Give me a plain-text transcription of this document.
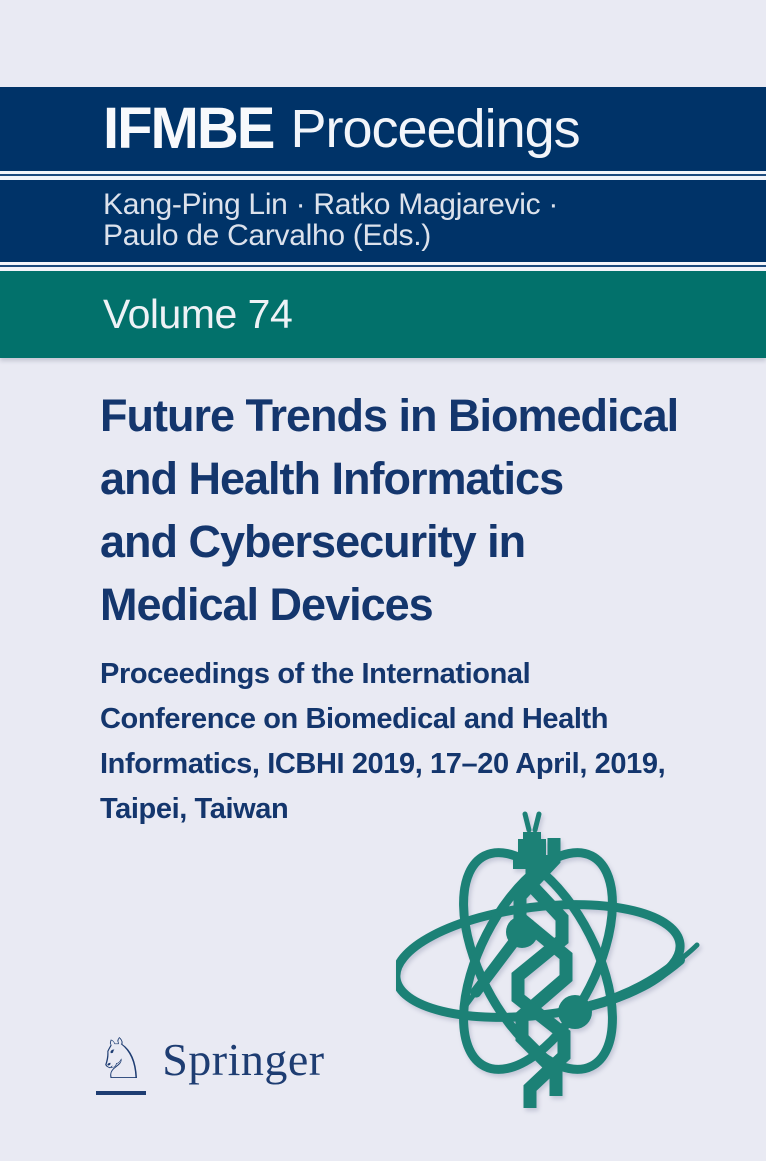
IFMBE Proceedings
Kang-Ping Lin · Ratko Magjarevic ·
Paulo de Carvalho (Eds.)
Volume 74
Future Trends in Biomedical
and Health Informatics
and Cybersecurity in
Medical Devices
Proceedings of the International
Conference on Biomedical and Health
Informatics, ICBHI 2019, 17–20 April, 2019,
Taipei, Taiwan
♘ Springer
